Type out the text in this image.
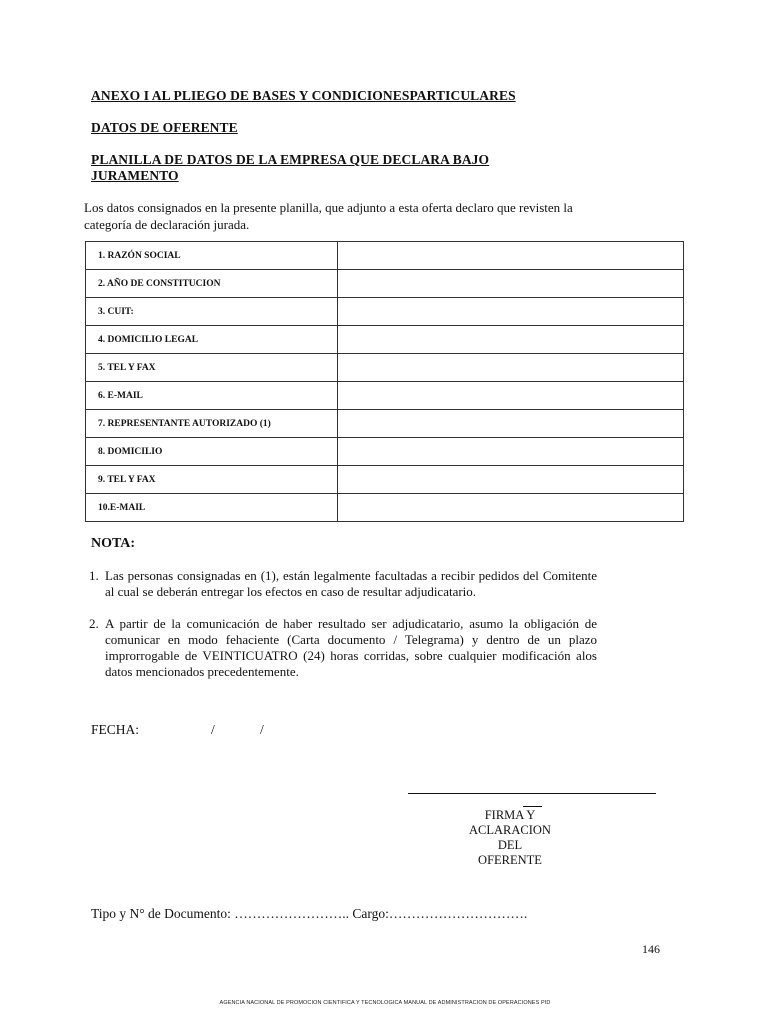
ANEXO I AL PLIEGO DE BASES Y CONDICIONESPARTICULARES
DATOS DE OFERENTE
PLANILLA DE DATOS DE LA EMPRESA QUE DECLARA BAJO JURAMENTO
Los datos consignados en la presente planilla, que adjunto a esta oferta declaro que revisten la categoría de declaración jurada.
1. RAZÓN SOCIAL	
2. AÑO DE CONSTITUCION	
3. CUIT:	
4. DOMICILIO LEGAL	
5. TEL Y FAX	
6. E-MAIL	
7. REPRESENTANTE AUTORIZADO (1)	
8. DOMICILIO	
9. TEL Y FAX	
10.E-MAIL	
NOTA:
1. Las personas consignadas en (1), están legalmente facultadas a recibir pedidos del Comitente al cual se deberán entregar los efectos en caso de resultar adjudicatario.
2. A partir de la comunicación de haber resultado ser adjudicatario, asumo la obligación de comunicar en modo fehaciente (Carta documento / Telegrama) y dentro de un plazo improrrogable de VEINTICUATRO (24) horas corridas, sobre cualquier modificación alos datos mencionados precedentemente.
FECHA:	/	/
FIRMA Y
ACLARACION
DEL
OFERENTE
Tipo y N° de Documento: …………………….. Cargo:………………………….
146
AGENCIA NACIONAL DE PROMOCION CIENTIFICA Y TECNOLOGICA MANUAL DE ADMINISTRACION DE OPERACIONES PID
